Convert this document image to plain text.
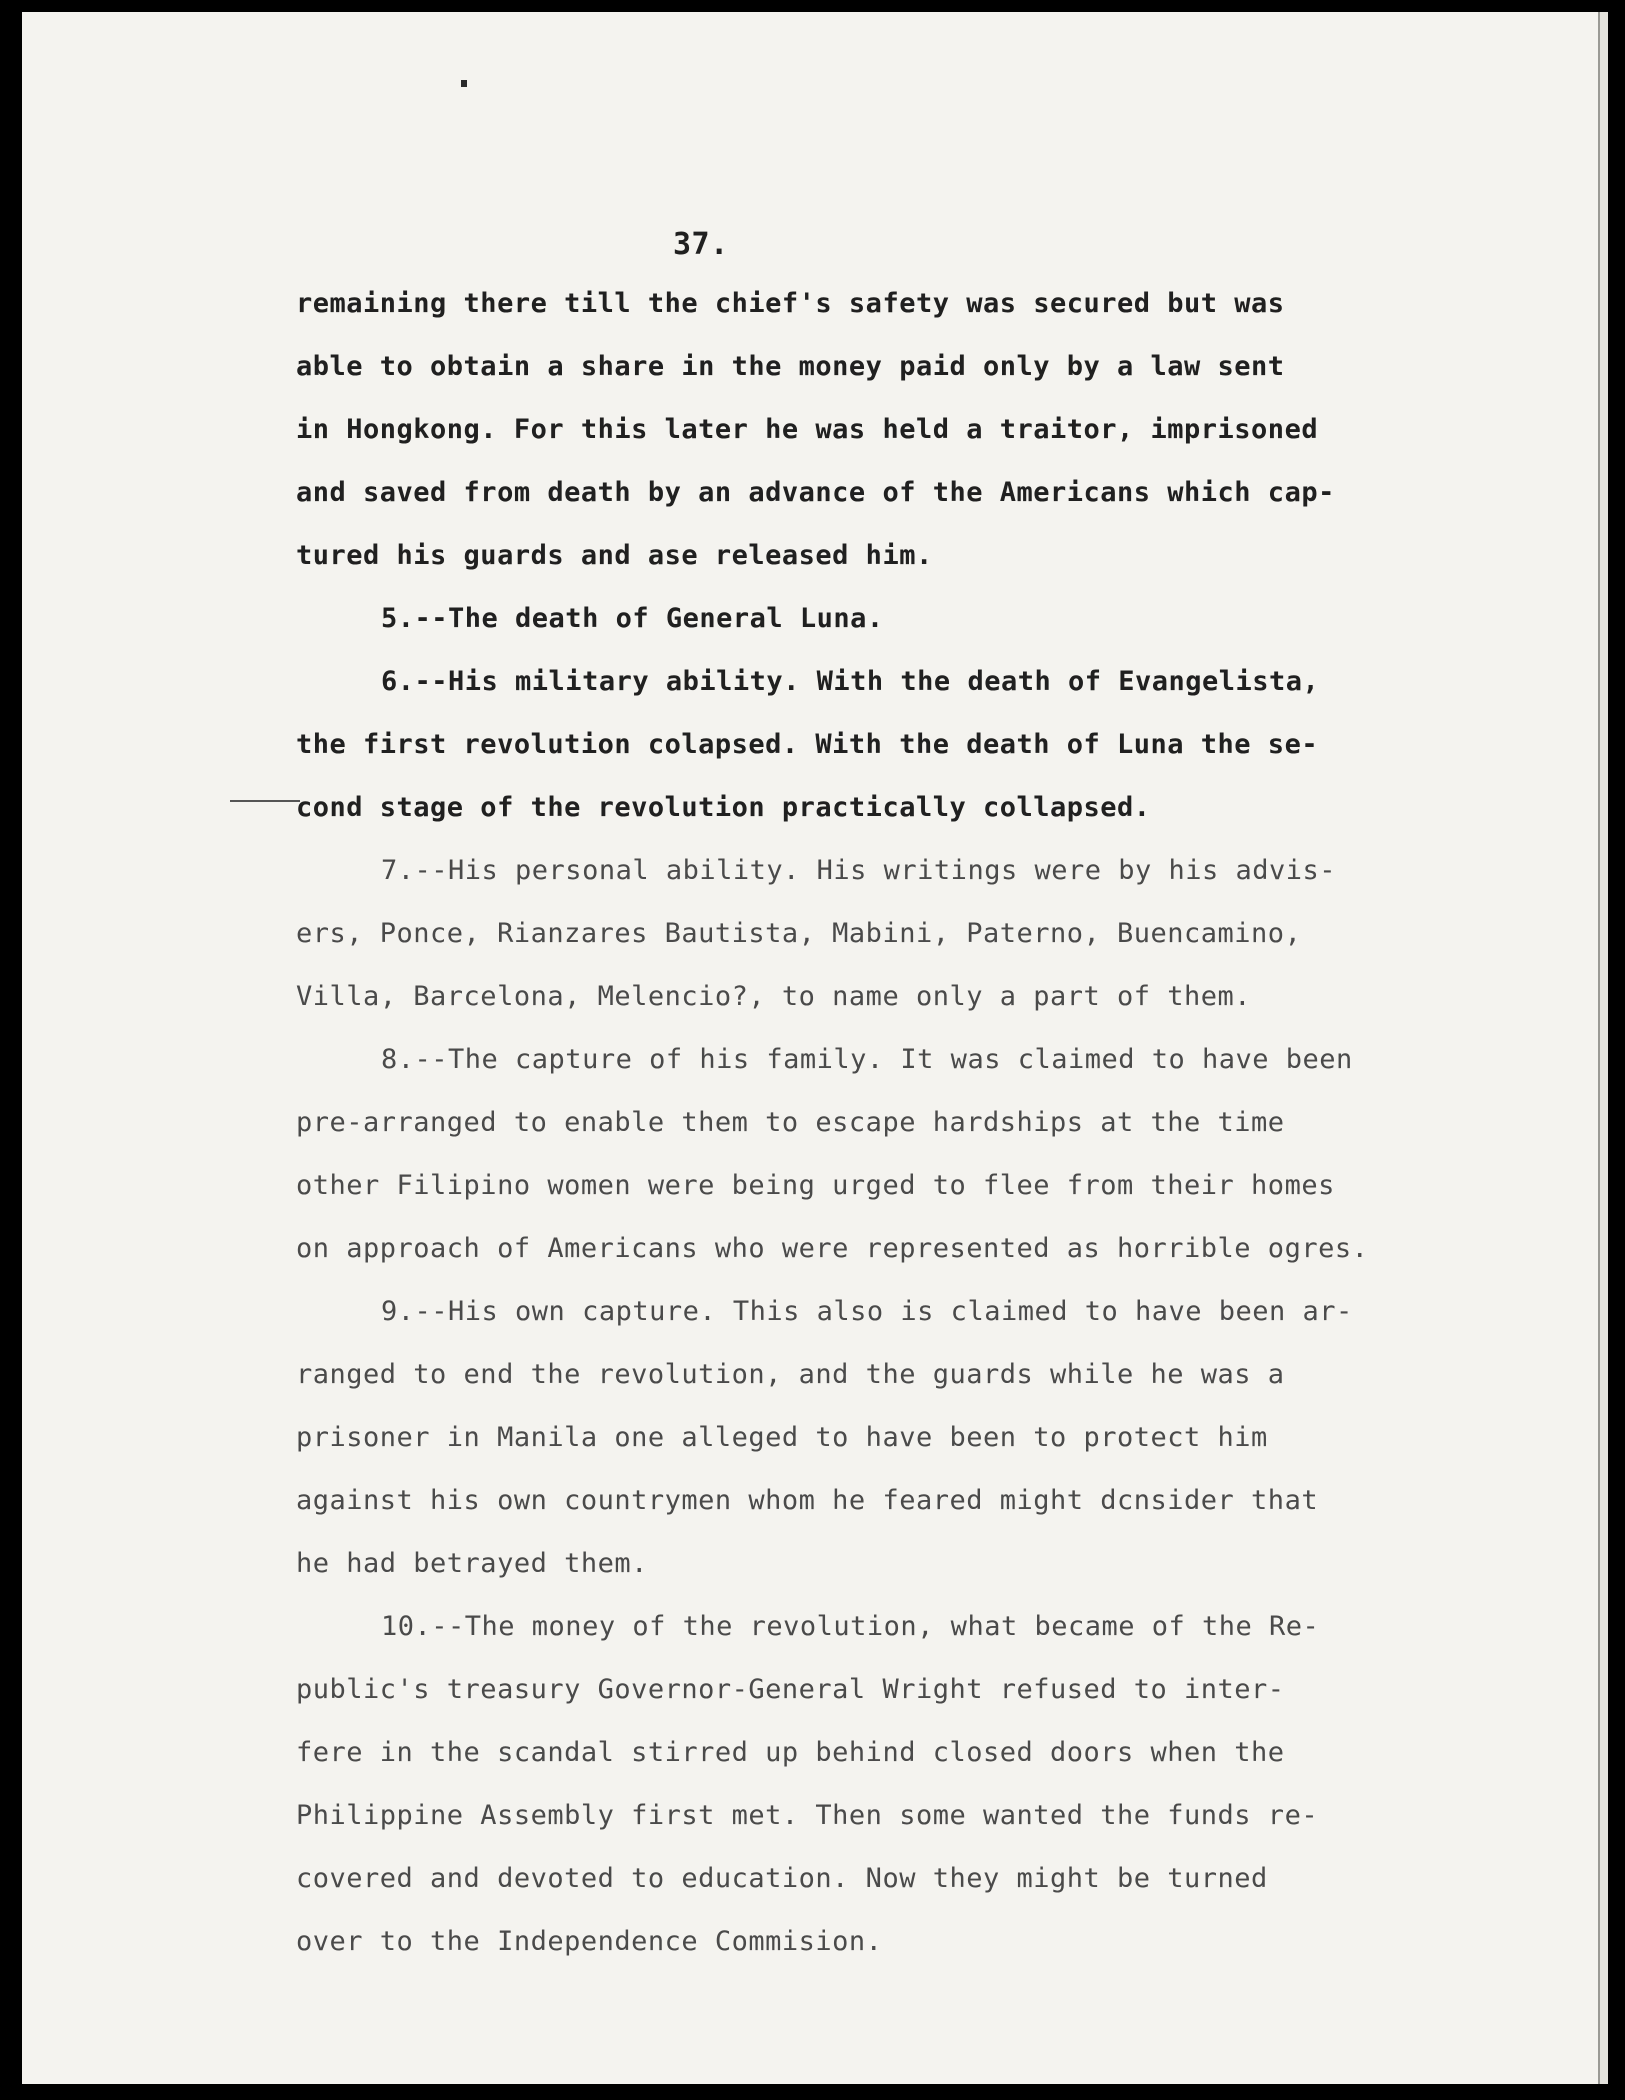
37.
remaining there till the chief's safety was secured but was
able to obtain a share in the money paid only by a law sent
in Hongkong. For this later he was held a traitor, imprisoned
and saved from death by an advance of the Americans which cap-
tured his guards and ase released him.
5.--The death of General Luna.
6.--His military ability. With the death of Evangelista,
the first revolution colapsed. With the death of Luna the se-
cond stage of the revolution practically collapsed.
7.--His personal ability. His writings were by his advis-
ers, Ponce, Rianzares Bautista, Mabini, Paterno, Buencamino,
Villa, Barcelona, Melencio?, to name only a part of them.
8.--The capture of his family. It was claimed to have been
pre-arranged to enable them to escape hardships at the time
other Filipino women were being urged to flee from their homes
on approach of Americans who were represented as horrible ogres.
9.--His own capture. This also is claimed to have been ar-
ranged to end the revolution, and the guards while he was a
prisoner in Manila one alleged to have been to protect him
against his own countrymen whom he feared might dcnsider that
he had betrayed them.
10.--The money of the revolution, what became of the Re-
public's treasury Governor-General Wright refused to inter-
fere in the scandal stirred up behind closed doors when the
Philippine Assembly first met. Then some wanted the funds re-
covered and devoted to education. Now they might be turned
over to the Independence Commision.
